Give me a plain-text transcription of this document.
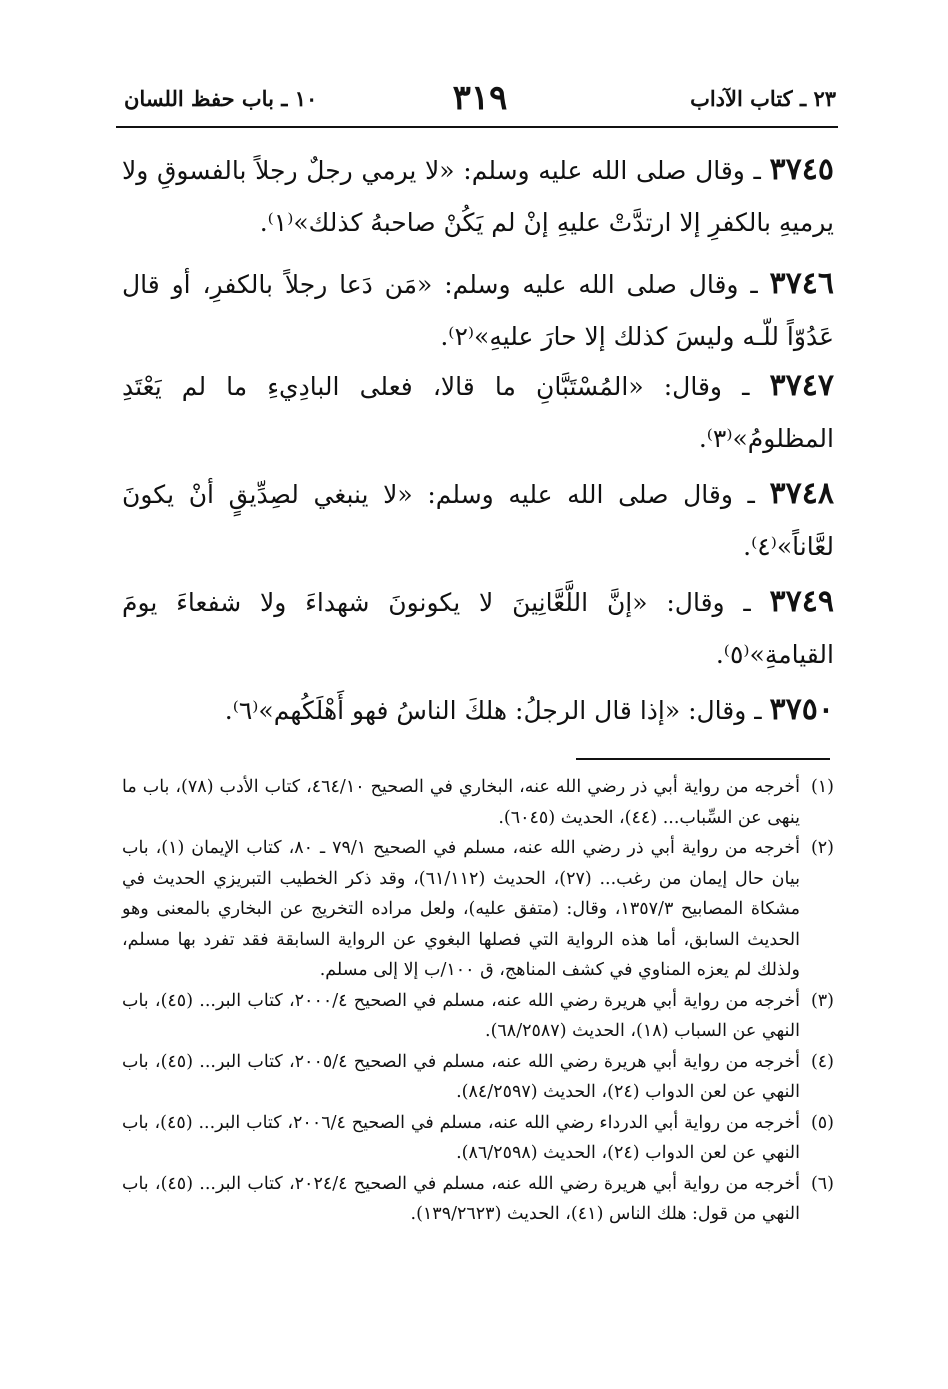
٢٣ ـ كتاب الآداب
٣١٩
١٠ ـ باب حفظ اللسان
٣٧٤٥ ـ وقال صلى الله عليه وسلم: «لا يرمي رجلٌ رجلاً بالفسوقِ ولا يرميهِ بالكفرِ إلا ارتدَّتْ عليهِ إنْ لم يَكُنْ صاحبهُ كذلك»⁽١⁾.
٣٧٤٦ ـ وقال صلى الله عليه وسلم: «مَن دَعا رجلاً بالكفرِ، أو قال عَدُوّاً للّـه وليسَ كذلك إلا حارَ عليهِ»⁽٢⁾.
٣٧٤٧ ـ وقال: «المُسْتَبَّانِ ما قالا، فعلى البادِيءِ ما لم يَعْتَدِ المظلومُ»⁽٣⁾.
٣٧٤٨ ـ وقال صلى الله عليه وسلم: «لا ينبغي لصِدِّيقٍ أنْ يكونَ لعَّاناً»⁽٤⁾.
٣٧٤٩ ـ وقال: «إنَّ اللَّعَّانِينَ لا يكونونَ شهداءَ ولا شفعاءَ يومَ القيامةِ»⁽٥⁾.
٣٧٥٠ ـ وقال: «إذا قال الرجلُ: هلكَ الناسُ فهو أَهْلَكُهم»⁽٦⁾.
(١)
أخرجه من رواية أبي ذر رضي الله عنه، البخاري في الصحيح ٤٦٤/١٠، كتاب الأدب (٧٨)، باب ما ينهى عن السِّباب... (٤٤)، الحديث (٦٠٤٥).
(٢)
أخرجه من رواية أبي ذر رضي الله عنه، مسلم في الصحيح ٧٩/١ ـ ٨٠، كتاب الإيمان (١)، باب بيان حال إيمان من رغب... (٢٧)، الحديث (٦١/١١٢)، وقد ذكر الخطيب التبريزي الحديث في مشكاة المصابيح ١٣٥٧/٣، وقال: (متفق عليه)، ولعل مراده التخريج عن البخاري بالمعنى وهو الحديث السابق، أما هذه الرواية التي فصلها البغوي عن الرواية السابقة فقد تفرد بها مسلم، ولذلك لم يعزه المناوي في كشف المناهج، ق ١٠٠/ب إلا إلى مسلم.
(٣)
أخرجه من رواية أبي هريرة رضي الله عنه، مسلم في الصحيح ٢٠٠٠/٤، كتاب البر... (٤٥)، باب النهي عن السباب (١٨)، الحديث (٦٨/٢٥٨٧).
(٤)
أخرجه من رواية أبي هريرة رضي الله عنه، مسلم في الصحيح ٢٠٠٥/٤، كتاب البر... (٤٥)، باب النهي عن لعن الدواب (٢٤)، الحديث (٨٤/٢٥٩٧).
(٥)
أخرجه من رواية أبي الدرداء رضي الله عنه، مسلم في الصحيح ٢٠٠٦/٤، كتاب البر... (٤٥)، باب النهي عن لعن الدواب (٢٤)، الحديث (٨٦/٢٥٩٨).
(٦)
أخرجه من رواية أبي هريرة رضي الله عنه، مسلم في الصحيح ٢٠٢٤/٤، كتاب البر... (٤٥)، باب النهي من قول: هلك الناس (٤١)، الحديث (١٣٩/٢٦٢٣).
